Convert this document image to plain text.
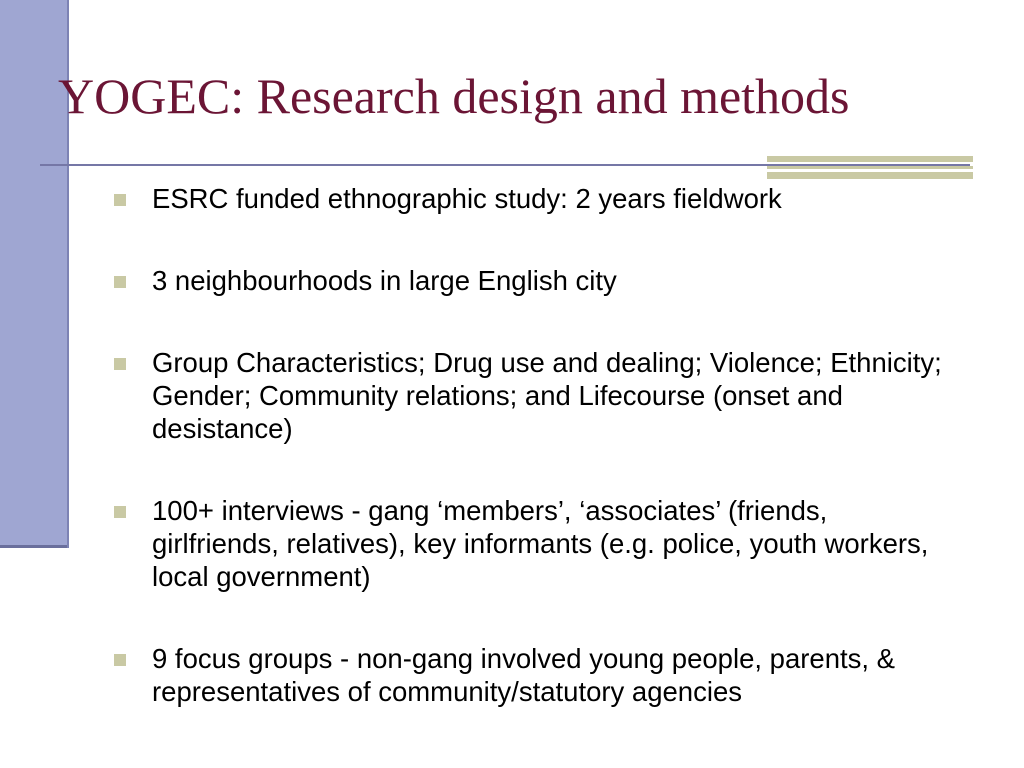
YOGEC: Research design and methods
ESRC funded ethnographic study: 2 years fieldwork
3 neighbourhoods in large English city
Group Characteristics; Drug use and dealing; Violence; Ethnicity; Gender; Community relations; and Lifecourse (onset and desistance)
100+ interviews - gang ‘members’, ‘associates’ (friends, girlfriends, relatives), key informants (e.g. police, youth workers, local government)
9 focus groups - non-gang involved young people, parents, & representatives of community/statutory agencies
